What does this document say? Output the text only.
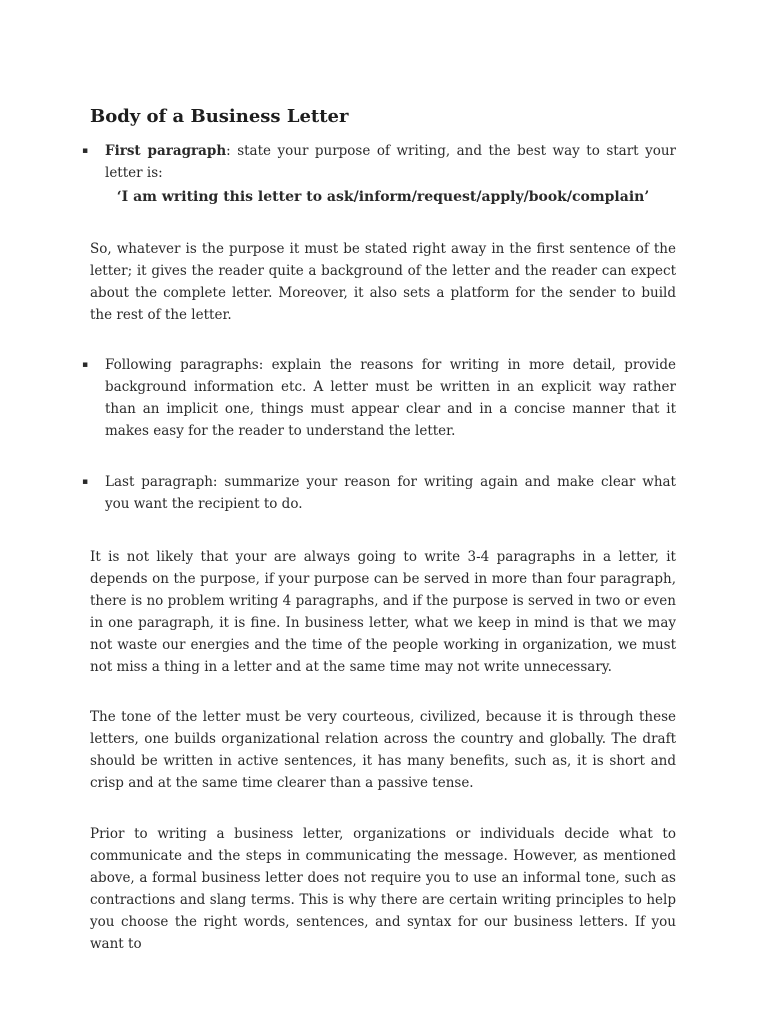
Body of a Business Letter
▪ First paragraph: state your purpose of writing, and the best way to start your letter is:
‘I am writing this letter to ask/inform/request/apply/book/complain’

So, whatever is the purpose it must be stated right away in the first sentence of the letter; it gives the reader quite a background of the letter and the reader can expect about the complete letter. Moreover, it also sets a platform for the sender to build the rest of the letter.

▪ Following paragraphs: explain the reasons for writing in more detail, provide background information etc. A letter must be written in an explicit way rather than an implicit one, things must appear clear and in a concise manner that it makes easy for the reader to understand the letter.
▪ Last paragraph: summarize your reason for writing again and make clear what you want the recipient to do.

It is not likely that your are always going to write 3-4 paragraphs in a letter, it depends on the purpose, if your purpose can be served in more than four paragraph, there is no problem writing 4 paragraphs, and if the purpose is served in two or even in one paragraph, it is fine. In business letter, what we keep in mind is that we may not waste our energies and the time of the people working in organization, we must not miss a thing in a letter and at the same time may not write unnecessary.

The tone of the letter must be very courteous, civilized, because it is through these letters, one builds organizational relation across the country and globally. The draft should be written in active sentences, it has many benefits, such as, it is short and crisp and at the same time clearer than a passive tense.

Prior to writing a business letter, organizations or individuals decide what to communicate and the steps in communicating the message. However, as mentioned above, a formal business letter does not require you to use an informal tone, such as contractions and slang terms. This is why there are certain writing principles to help you choose the right words, sentences, and syntax for our business letters. If you want to
